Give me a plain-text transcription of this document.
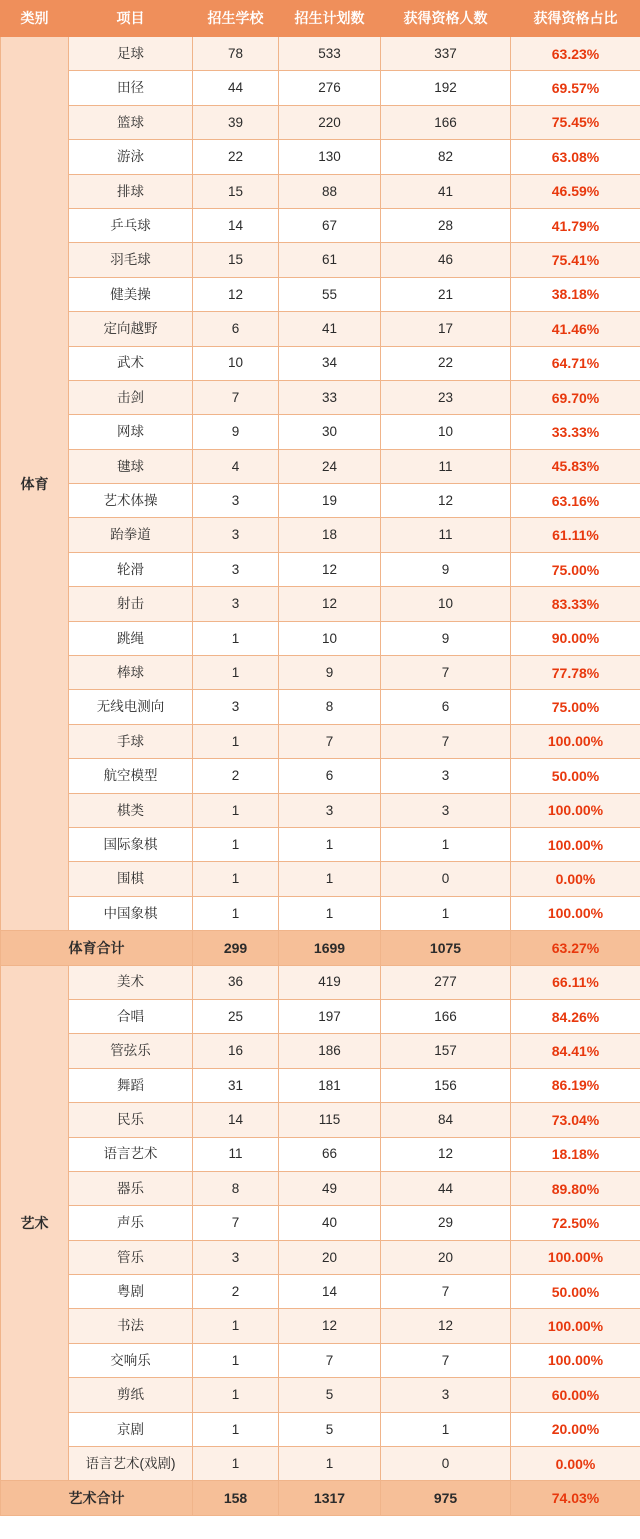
类别	项目	招生学校	招生计划数	获得资格人数	获得资格占比
体育	足球	78	533	337	63.23%
	田径	44	276	192	69.57%
	篮球	39	220	166	75.45%
	游泳	22	130	82	63.08%
	排球	15	88	41	46.59%
	乒乓球	14	67	28	41.79%
	羽毛球	15	61	46	75.41%
	健美操	12	55	21	38.18%
	定向越野	6	41	17	41.46%
	武术	10	34	22	64.71%
	击剑	7	33	23	69.70%
	网球	9	30	10	33.33%
	毽球	4	24	11	45.83%
	艺术体操	3	19	12	63.16%
	跆拳道	3	18	11	61.11%
	轮滑	3	12	9	75.00%
	射击	3	12	10	83.33%
	跳绳	1	10	9	90.00%
	棒球	1	9	7	77.78%
	无线电测向	3	8	6	75.00%
	手球	1	7	7	100.00%
	航空模型	2	6	3	50.00%
	棋类	1	3	3	100.00%
	国际象棋	1	1	1	100.00%
	围棋	1	1	0	0.00%
	中国象棋	1	1	1	100.00%
体育合计		299	1699	1075	63.27%
艺术	美术	36	419	277	66.11%
	合唱	25	197	166	84.26%
	管弦乐	16	186	157	84.41%
	舞蹈	31	181	156	86.19%
	民乐	14	115	84	73.04%
	语言艺术	11	66	12	18.18%
	器乐	8	49	44	89.80%
	声乐	7	40	29	72.50%
	管乐	3	20	20	100.00%
	粤剧	2	14	7	50.00%
	书法	1	12	12	100.00%
	交响乐	1	7	7	100.00%
	剪纸	1	5	3	60.00%
	京剧	1	5	1	20.00%
	语言艺术(戏剧)	1	1	0	0.00%
艺术合计		158	1317	975	74.03%
